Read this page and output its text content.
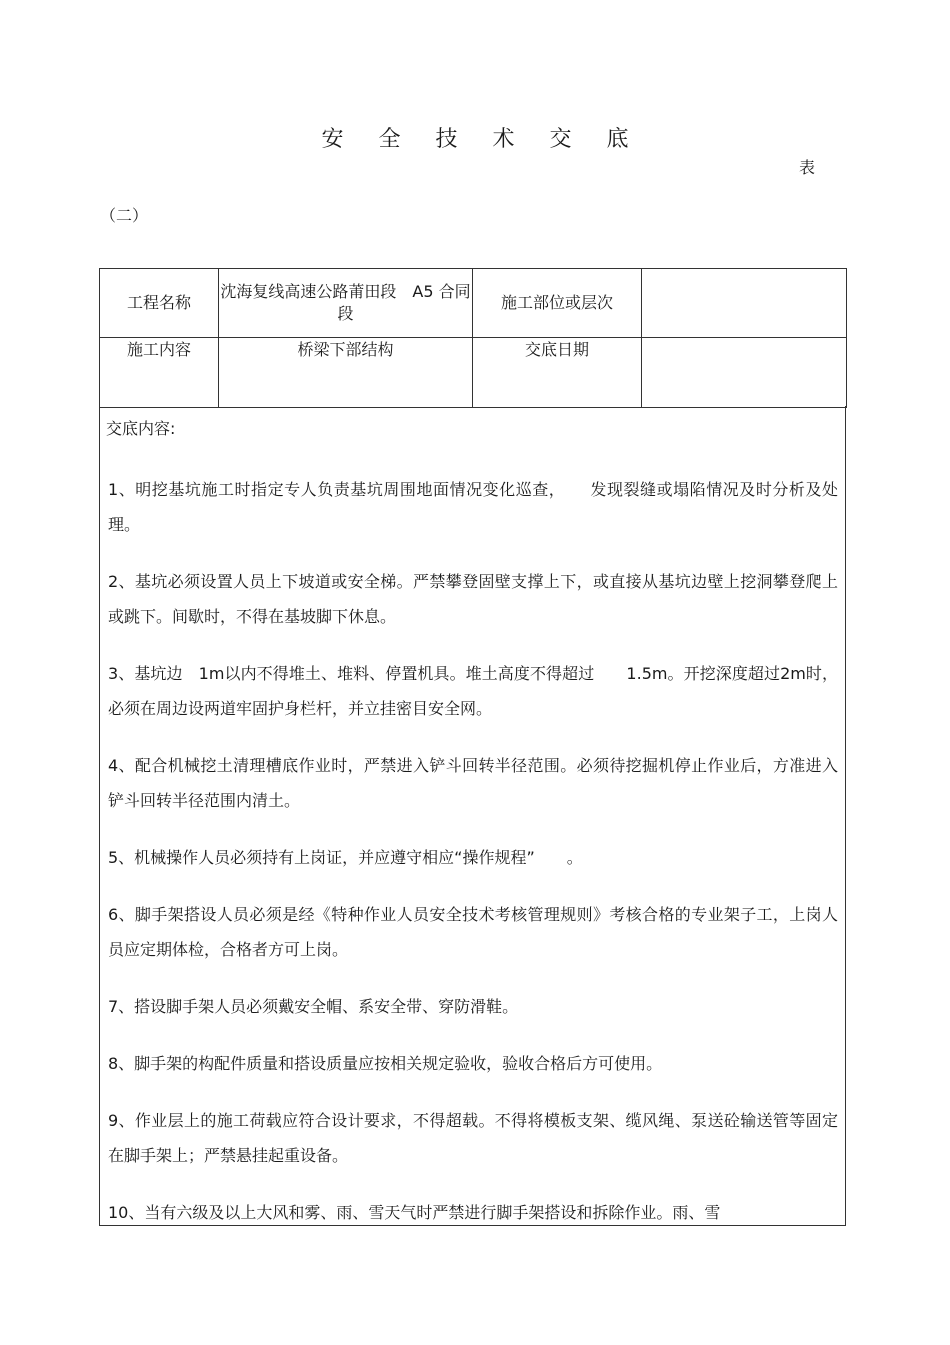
安 全 技 术 交 底
表
（二）
工程名称	沈海复线高速公路莆田段　A5 合同段	施工部位或层次	
施工内容	桥梁下部结构	交底日期	
交底内容:
1、明挖基坑施工时指定专人负责基坑周围地面情况变化巡查，　　发现裂缝或塌陷情况及时分析及处理。
2、基坑必须设置人员上下坡道或安全梯。严禁攀登固壁支撑上下，或直接从基坑边壁上挖洞攀登爬上或跳下。间歇时，不得在基坡脚下休息。
3、基坑边　1m以内不得堆土、堆料、停置机具。堆土高度不得超过　　1.5m。开挖深度超过2m时，必须在周边设两道牢固护身栏杆，并立挂密目安全网。
4、配合机械挖土清理槽底作业时，严禁进入铲斗回转半径范围。必须待挖掘机停止作业后，方准进入铲斗回转半径范围内清土。
5、机械操作人员必须持有上岗证，并应遵守相应“操作规程”　　。
6、脚手架搭设人员必须是经《特种作业人员安全技术考核管理规则》考核合格的专业架子工，上岗人员应定期体检，合格者方可上岗。
7、搭设脚手架人员必须戴安全帽、系安全带、穿防滑鞋。
8、脚手架的构配件质量和搭设质量应按相关规定验收，验收合格后方可使用。
9、作业层上的施工荷载应符合设计要求，不得超载。不得将模板支架、缆风绳、泵送砼输送管等固定在脚手架上；严禁悬挂起重设备。
10、当有六级及以上大风和雾、雨、雪天气时严禁进行脚手架搭设和拆除作业。雨、雪
